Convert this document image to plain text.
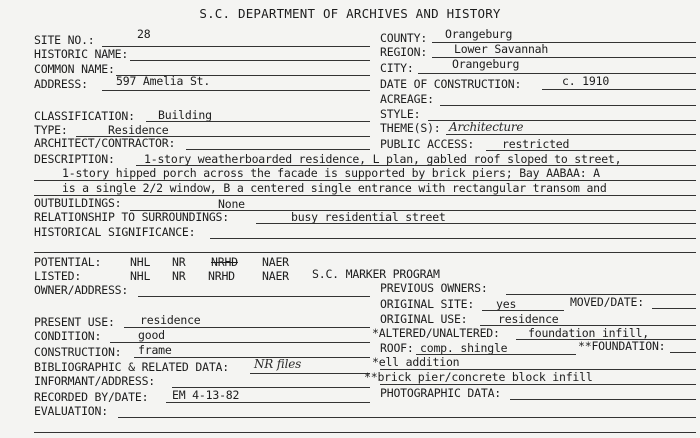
S.C. DEPARTMENT OF ARCHIVES AND HISTORY
SITE NO.:	28	COUNTY: Orangeburg
HISTORIC NAME:	REGION: Lower Savannah
COMMON NAME:	CITY:	Orangeburg
ADDRESS: 597 Amelia St.	DATE OF CONSTRUCTION:	c. 1910
ACREAGE:
CLASSIFICATION: Building	STYLE:
TYPE:	Residence	THEME(S): Architecture
ARCHITECT/CONTRACTOR:	PUBLIC ACCESS: restricted
DESCRIPTION:	1-story weatherboarded residence, L plan, gabled roof sloped to street,
1-story hipped porch across the facade is supported by brick piers; Bay AABAA: A
is a single 2/2 window, B a centered single entrance with rectangular transom and
OUTBUILDINGS:	None
RELATIONSHIP TO SURROUNDINGS:	busy residential street
HISTORICAL SIGNIFICANCE:
POTENTIAL:	NHL NR NRHD NAER
LISTED:	NHL NR NRHD NAER S.C. MARKER PROGRAM
OWNER/ADDRESS:	PREVIOUS OWNERS:
ORIGINAL SITE: yes	MOVED/DATE:
PRESENT USE: residence	ORIGINAL USE:	residence
CONDITION:	good	*ALTERED/UNALTERED: foundation infill,
CONSTRUCTION: frame	ROOF: comp. shingle	**FOUNDATION:
BIBLIOGRAPHIC & RELATED DATA: NR files	*ell addition
INFORMANT/ADDRESS:	**brick pier/concrete block infill
RECORDED BY/DATE: EM 4-13-82	PHOTOGRAPHIC DATA:
EVALUATION:
